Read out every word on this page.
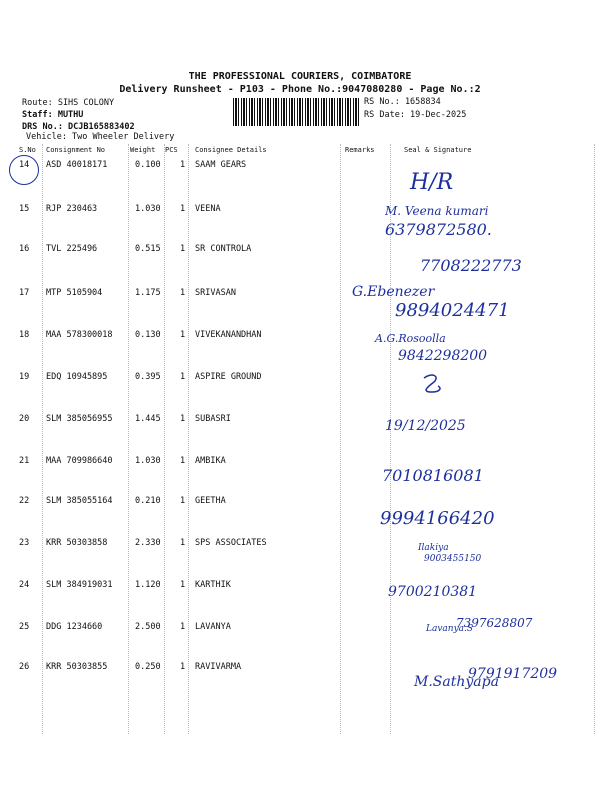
THE PROFESSIONAL COURIERS, COIMBATORE
Delivery Runsheet - P103 - Phone No.:9047080280 - Page No.:2
Route: SIHS COLONY
Staff: MUTHU
DRS No.: DCJB165883402
Vehicle: Two Wheeler Delivery
RS No.: 1658834
RS Date: 19-Dec-2025
S.No Consignment No	Weight PCS Consignee Details	Remarks	Seal & Signature
14 ASD 40018171	0.100 1 SAAM GEARS
H/R
15 RJP 230463	1.030 1 VEENA	M. Veena kumari
6379872580.
16 TVL 225496	0.515 1 SR CONTROLA
7708222773
17 MTP 5105904	1.175 1 SRIVASAN	G.Ebenezer
9894024471
18 MAA 578300018	0.130 1 VIVEKANANDHAN	A.G.Rosoolla
9842298200
19 EDQ 10945895	0.395 1 ASPIRE GROUND
20 SLM 385056955	1.445 1 SUBASRI	19/12/2025
21 MAA 709986640	1.030 1 AMBIKA
7010816081
22 SLM 385055164	0.210 1 GEETHA
9994166420
23 KRR 50303858	2.330 1 SPS ASSOCIATES	Ilakiya
9003455150
24 SLM 384919031	1.120 1 KARTHIK	9700210381
25 DDG 1234660	2.500 1 LAVANYA	Lavanya.S
7397628807
26 KRR 50303855	0.250 1 RAVIVARMA
M.Sathyapa
9791917209
